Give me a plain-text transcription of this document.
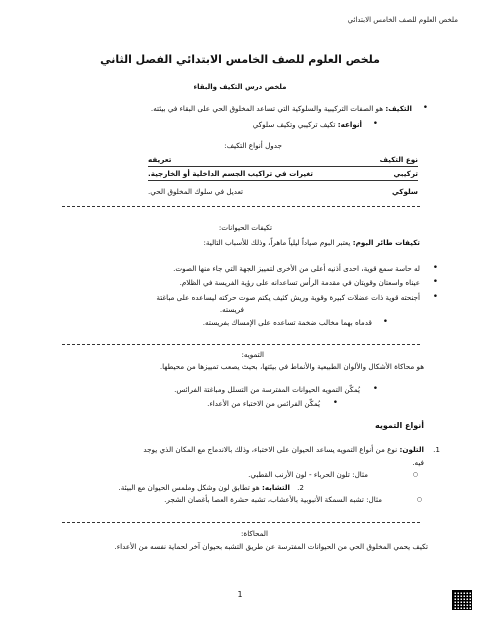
ملخص العلوم للصف الخامس الابتدائي
ملخص العلوم للصف الخامس الابتدائي الفصل الثاني
ملخص درس التكيف والبقاء
•
التكيف: هو الصفات التركيبية والسلوكية التي تساعد المخلوق الحي على البقاء في بيئته.
•
أنواعه: تكيف تركيبي وتكيف سلوكي
جدول أنواع التكيف:
نوع التكيف
تعريفه
تركيبي
تغيرات في تراكيب الجسم الداخلية أو الخارجية.
سلوكي
تعديل في سلوك المخلوق الحي.
تكيفات الحيوانات:
تكيفات طائر البوم: يعتبر البوم صياداً ليلياً ماهراً، وذلك للأسباب التالية:
•
له حاسة سمع قوية، احدى أذنيه أعلى من الأخرى لتمييز الجهة التي جاء منها الصوت.
•
عيناه واسعتان وقويتان في مقدمة الرأس تساعدانه على رؤية الفريسة في الظلام.
•
أجنحته قوية ذات عضلات كبيرة وقوية وريش كثيف يكتم صوت حركته ليساعده على مباغتة
فريسته.
•
قدماه بهما مخالب ضخمة تساعده على الإمساك بفريسته.
التمويه:
هو محاكاة الأشكال والألوان الطبيعية والأنماط في بيئتها، بحيث يصعب تمييزها من محيطها.
•
يُمكّن التمويه الحيوانات المفترسة من التسلل ومباغتة الفرائس.
•
يُمكّن الفرائس من الاختباء من الأعداء.
أنواع التمويه
1.
التلون: نوع من أنواع التمويه يساعد الحيوان على الاختباء، وذلك بالاندماج مع المكان الذي يوجد
فيه.
○
مثال: تلون الحرباء - لون الأرنب القطبي.
2.
التشابه: هو تطابق لون وشكل وملمس الحيوان مع البيئة.
○
مثال: تشبه السمكة الأنبوبية بالأعشاب، تشبه حشرة العصا بأغصان الشجر.
المحاكاة:
تكيف يحمي المخلوق الحي من الحيوانات المفترسة عن طريق التشبه بحيوان آخر لحماية نفسه من الأعداء.
1
